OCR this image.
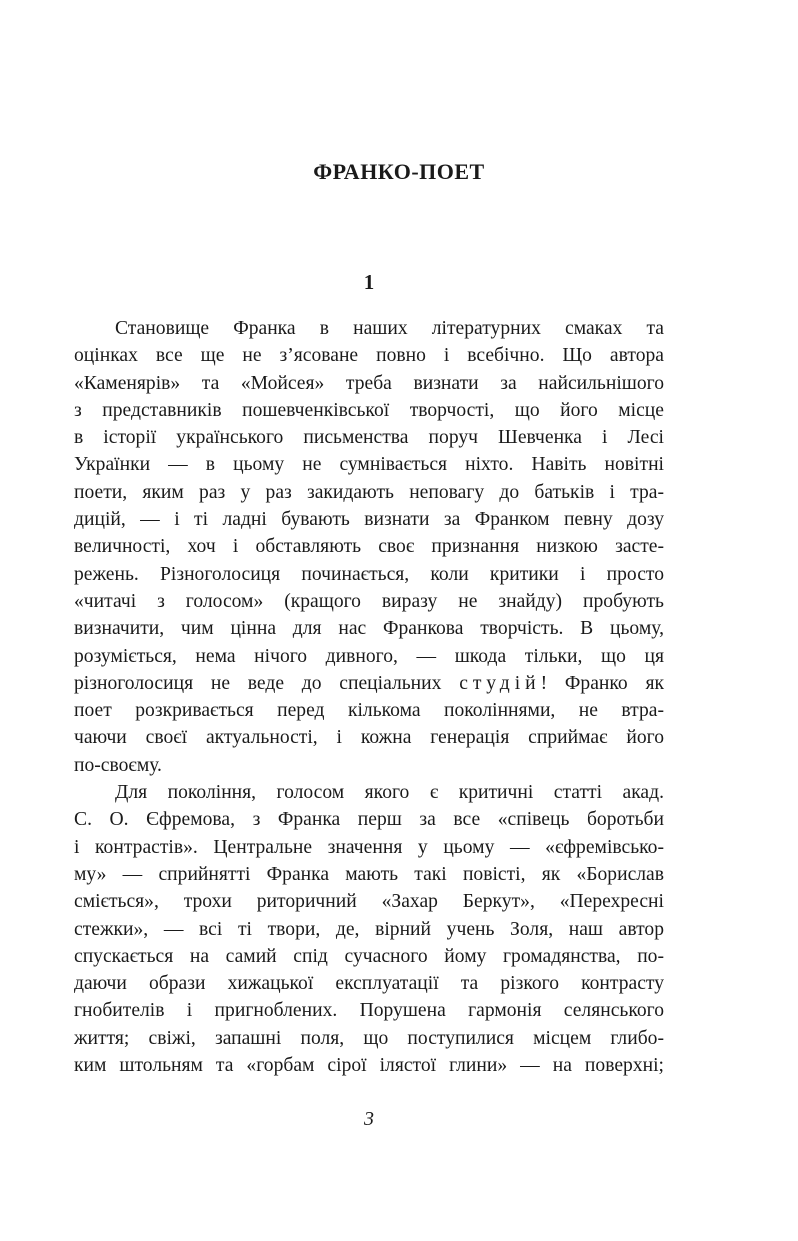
ФРАНКО-ПОЕТ
1
Становище Франка в наших літературних смаках та
оцінках все ще не з’ясоване повно і всебічно. Що автора
«Каменярів» та «Мойсея» треба визнати за найсильнішого
з представників пошевченківської творчості, що його місце
в історії українського письменства поруч Шевченка і Лесі
Українки — в цьому не сумнівається ніхто. Навіть новітні
поети, яким раз у раз закидають неповагу до батьків і тра-
дицій, — і ті ладні бувають визнати за Франком певну дозу
величності, хоч і обставляють своє признання низкою засте-
режень. Різноголосиця починається, коли критики і просто
«читачі з голосом» (кращого виразу не знайду) пробують
визначити, чим цінна для нас Франкова творчість. В цьому,
розуміється, нема нічого дивного, — шкода тільки, що ця
різноголосиця не веде до спеціальних студій! Франко як
поет розкривається перед кількома поколіннями, не втра-
чаючи своєї актуальності, і кожна генерація сприймає його
по-своєму.
Для покоління, голосом якого є критичні статті акад.
С. О. Єфремова, з Франка перш за все «співець боротьби
і контрастів». Центральне значення у цьому — «єфремівсько-
му» — сприйнятті Франка мають такі повісті, як «Борислав
сміється», трохи риторичний «Захар Беркут», «Перехресні
стежки», — всі ті твори, де, вірний учень Золя, наш автор
спускається на самий спід сучасного йому громадянства, по-
даючи образи хижацької експлуатації та різкого контрасту
гнобителів і пригноблених. Порушена гармонія селянського
життя; свіжі, запашні поля, що поступилися місцем глибо-
ким штольням та «горбам сірої ілястої глини» — на поверхні;
3
